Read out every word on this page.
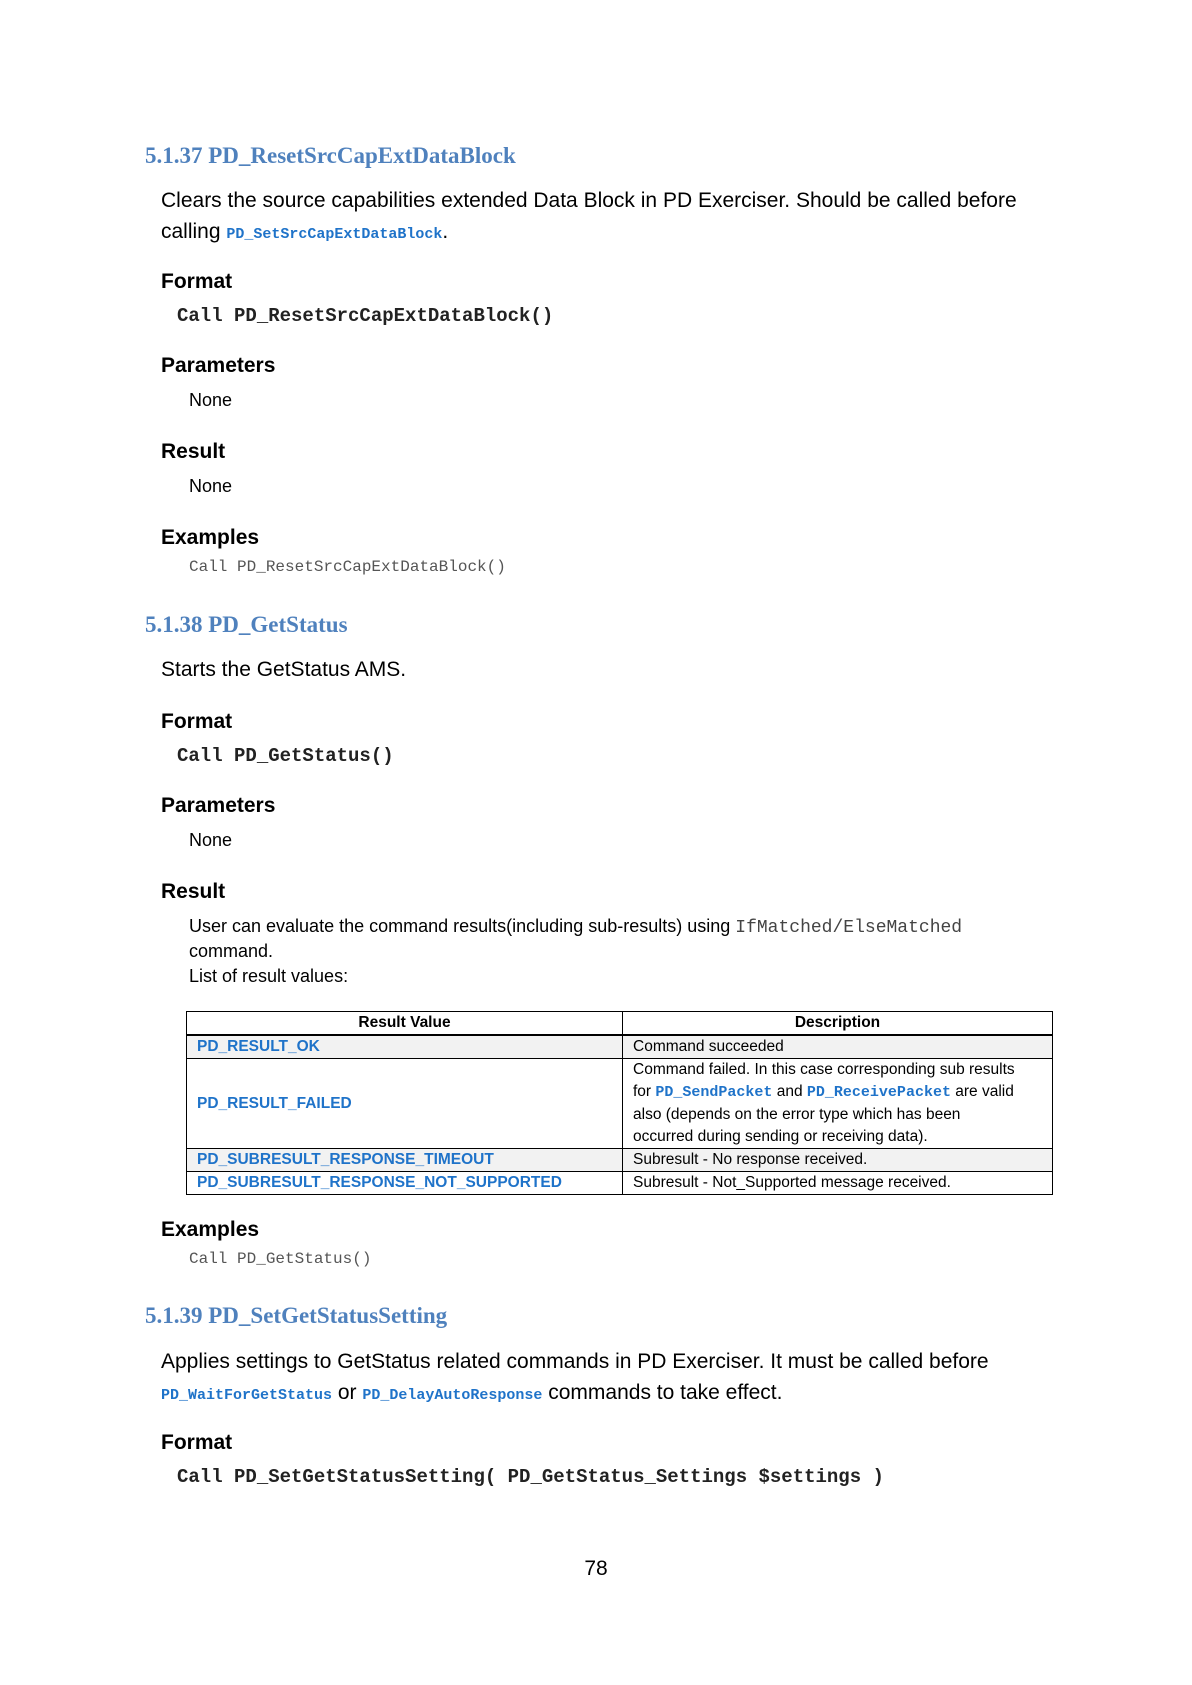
5.1.37 PD_ResetSrcCapExtDataBlock

Clears the source capabilities extended Data Block in PD Exerciser. Should be called before calling PD_SetSrcCapExtDataBlock.

Format

Call PD_ResetSrcCapExtDataBlock()

Parameters

None

Result

None

Examples

Call PD_ResetSrcCapExtDataBlock()

5.1.38 PD_GetStatus

Starts the GetStatus AMS.

Format

Call PD_GetStatus()

Parameters

None

Result

User can evaluate the command results(including sub-results) using IfMatched/ElseMatched

command.

List of result values:

Result Value	Description
PD_RESULT_OK	Command succeeded
PD_RESULT_FAILED	Command failed. In this case corresponding sub results
for PD_SendPacket and PD_ReceivePacket are valid
also (depends on the error type which has been
occurred during sending or receiving data).

PD_SUBRESULT_RESPONSE_TIMEOUT	Subresult - No response received.
PD_SUBRESULT_RESPONSE_NOT_SUPPORTED	Subresult - Not_Supported message received.

Examples

Call PD_GetStatus()

5.1.39 PD_SetGetStatusSetting

Applies settings to GetStatus related commands in PD Exerciser. It must be called before
PD_WaitForGetStatus or PD_DelayAutoResponse commands to take effect.

Format

Call PD_SetGetStatusSetting( PD_GetStatus_Settings $settings )

78
